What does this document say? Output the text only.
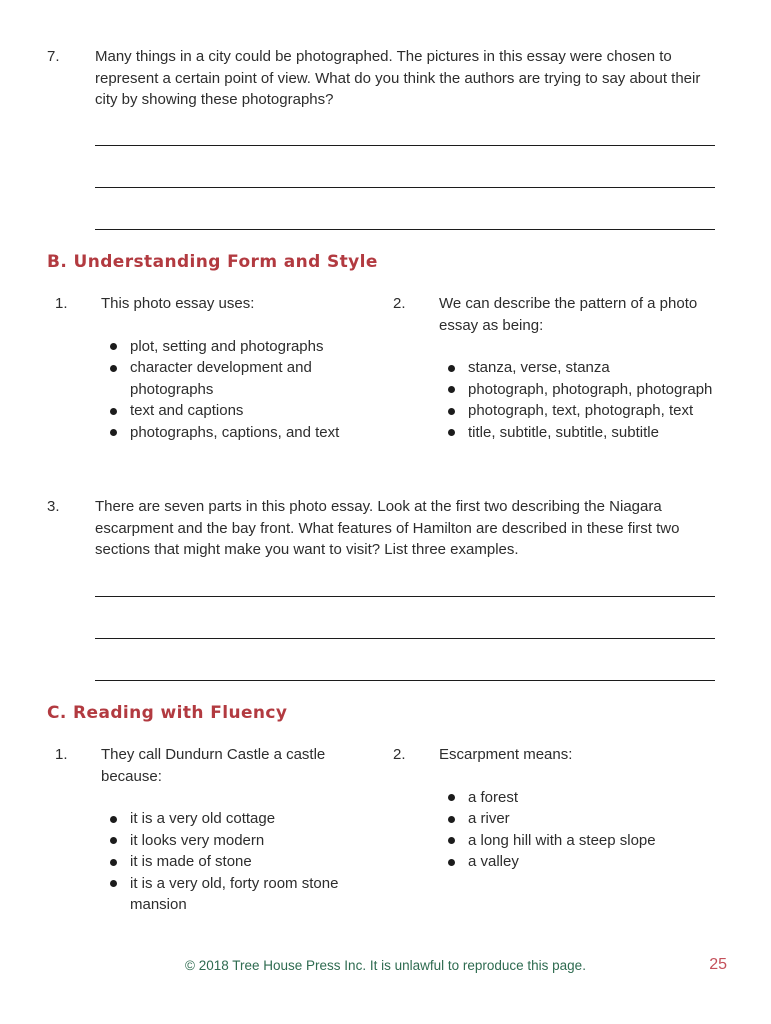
7.	Many things in a city could be photographed. The pictures in this essay were chosen to represent a certain point of view. What do you think the authors are trying to say about their city by showing these photographs?
B. Understanding Form and Style
1.	This photo essay uses:
plot, setting and photographs
character development and photographs
text and captions
photographs, captions, and text
2.	We can describe the pattern of a photo essay as being:
stanza, verse, stanza
photograph, photograph, photograph
photograph, text, photograph, text
title, subtitle, subtitle, subtitle
3.	There are seven parts in this photo essay. Look at the first two describing the Niagara escarpment and the bay front. What features of Hamilton are described in these first two sections that might make you want to visit? List three examples.
C. Reading with Fluency
1.	They call Dundurn Castle a castle because:
it is a very old cottage
it looks very modern
it is made of stone
it is a very old, forty room stone mansion
2.	Escarpment means:
a forest
a river
a long hill with a steep slope
a valley
© 2018 Tree House Press Inc. It is unlawful to reproduce this page.	25
